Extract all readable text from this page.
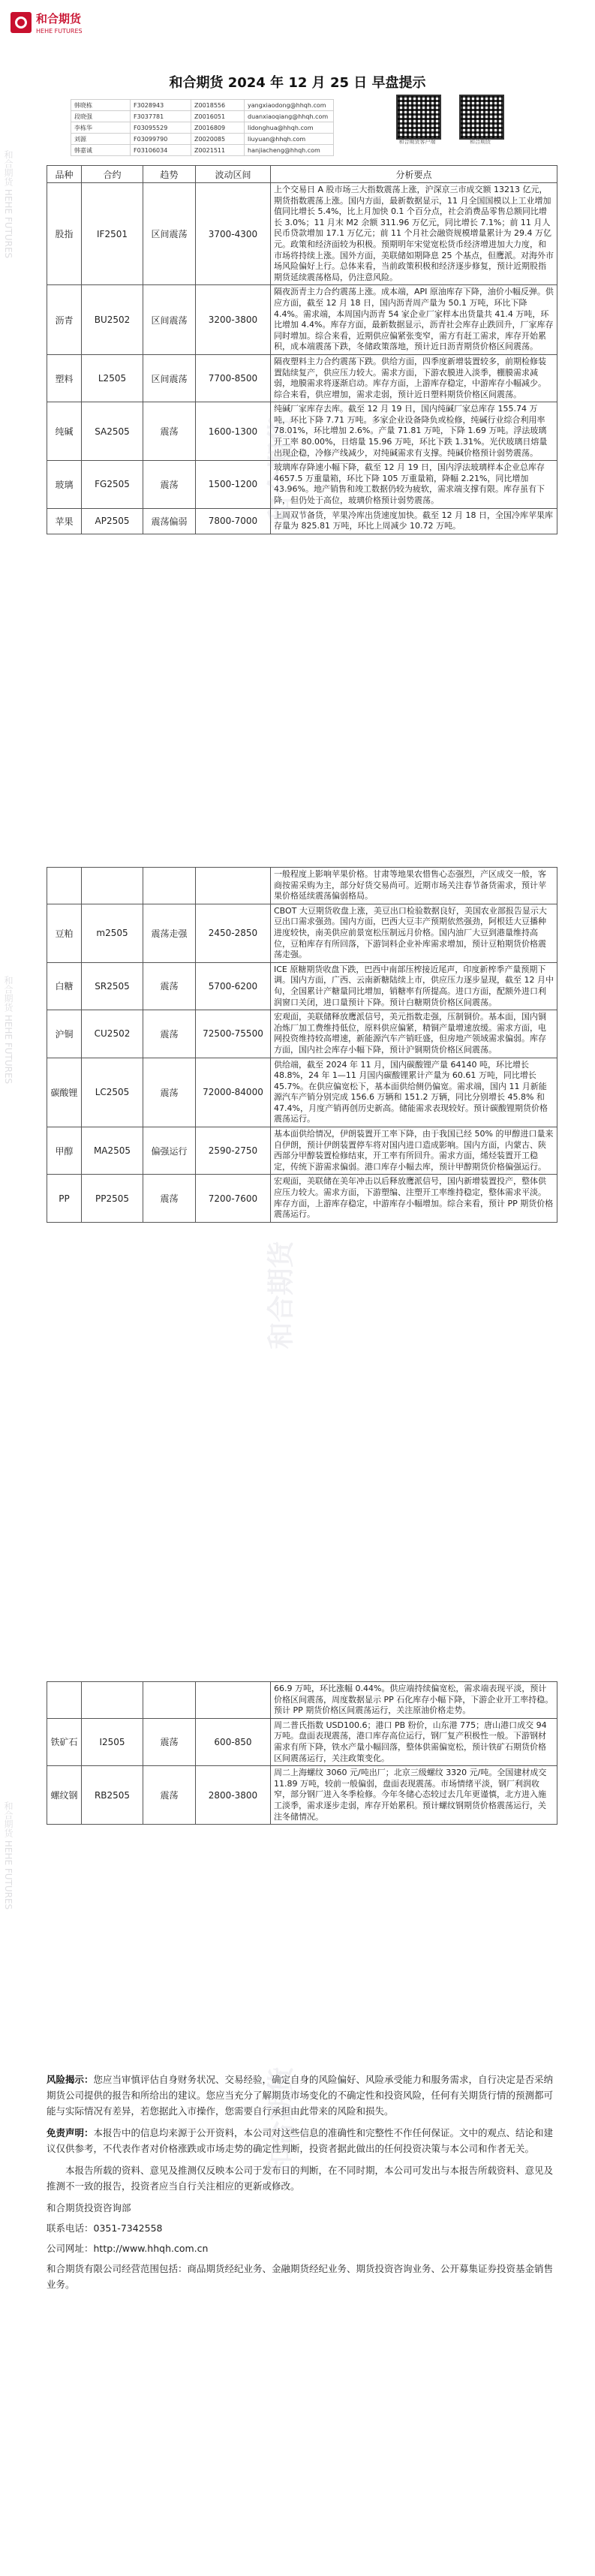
和合期货
HEHE FUTURES
和合期货 HEHE FUTURES
和合期货 HEHE FUTURES
和合期货 HEHE FUTURES
和合期货 2024 年 12 月 25 日 早盘提示
韩晓栋	F3028943	Z0018556	yangxiaodong@hhqh.com
段晓强	F3037781	Z0016051	duanxiaoqiang@hhqh.com
李栋华	F03095529	Z0016809	lidonghua@hhqh.com
刘源	F03099790	Z0020085	liuyuan@hhqh.com
韩嘉诚	F03106034	Z0021511	hanjiacheng@hhqh.com
和合期货客户端	和合期货
品种	合约	趋势	波动区间	分析要点
股指	IF2501	区间震荡	3700-4300	上个交易日 A 股市场三大指数震荡上涨，沪深京三市成交额 13213 亿元，期货指数震荡上涨。国内方面，最新数据显示，11 月全国国模以上工业增加值同比增长 5.4%，比上月加快 0.1 个百分点，社会消费品零售总额同比增长 3.0%；11 月末 M2 余额 311.96 万亿元，同比增长 7.1%；前 11 月人民币贷款增加 17.1 万亿元；前 11 个月社会融资规模增量累计为 29.4 万亿元。政策和经济面较为积极。预期明年宋觉宽松货币经济增进加大力度，和市场将持续上涨。国外方面，美联储如期降息 25 个基点，但鹰派。对海外市场风险偏好上行。总体来看，当前政策积极和经济逐步修复，预计近期股指期货延续震荡格局，仍注意风险。
沥青	BU2502	区间震荡	3200-3800	隔夜沥青主力合约震荡上涨。成本端，API 原油库存下降，油价小幅反弹。供应方面，截至 12 月 18 日，国内沥青周产量为 50.1 万吨，环比下降 4.4%。需求端，本周国内沥青 54 家企业厂家样本出货量共 41.4 万吨，环比增加 4.4%。库存方面，最新数据显示，沥青社会库存止跌回升，厂家库存同时增加。综合来看，近期供应偏紧张变窄，需方有赶工需求，库存开始累积，成本端震荡下跌，冬储政策落地，预计近日沥青期货价格区间震荡。
塑料	L2505	区间震荡	7700-8500	隔夜塑料主力合约震荡下跌。供给方面，四季度新增装置较多，前期检修装置陆续复产，供应压力较大。需求方面，下游农膜进入淡季，棚膜需求减弱，地膜需求将逐渐启动。库存方面，上游库存稳定，中游库存小幅减少。综合来看，供应增加，需求走弱，预计近日塑料期货价格区间震荡。
纯碱	SA2505	震荡	1600-1300	纯碱厂家库存去库。截至 12 月 19 日，国内纯碱厂家总库存 155.74 万吨，环比下降 7.71 万吨。多家企业设备降负或检修，纯碱行业综合利用率 78.01%，环比增加 2.6%。产量 71.81 万吨，下降 1.69 万吨。浮法玻璃开工率 80.00%，日熔量 15.96 万吨，环比下跌 1.31%。光伏玻璃日熔量出现企稳，冷修产线减少，对纯碱需求有支撑。纯碱价格预计弱势震荡。
玻璃	FG2505	震荡	1500-1200	玻璃库存降速小幅下降，截至 12 月 19 日，国内浮法玻璃样本企业总库存 4657.5 万重量箱，环比下降 105 万重量箱，降幅 2.21%，同比增加 43.96%。地产销售和竣工数据仍较为疲软，需求端支撑有限。库存虽有下降，但仍处于高位，玻璃价格预计弱势震荡。
苹果	AP2505	震荡偏弱	7800-7000	上周双节备货，苹果冷库出货速度加快。截至 12 月 18 日，全国冷库苹果库存量为 825.81 万吨，环比上周减少 10.72 万吨。
				一般程度上影响苹果价格。甘肃等地果农惜售心态强烈，产区成交一般，客商按需采购为主，部分好货交易尚可。近期市场关注春节备货需求，预计苹果价格延续震荡偏弱格局。
豆粕	m2505	震荡走强	2450-2850	CBOT 大豆期货收盘上涨，美豆出口检验数据良好，美国农业部报告显示大豆出口需求强劲。国内方面，巴西大豆丰产预期依然强劲，阿根廷大豆播种进度较快，南美供应前景宽松压制远月价格。国内油厂大豆到港量维持高位，豆粕库存有所回落，下游饲料企业补库需求增加，预计豆粕期货价格震荡走强。
白糖	SR2505	震荡	5700-6200	ICE 原糖期货收盘下跌，巴西中南部压榨接近尾声，印度新榨季产量预期下调。国内方面，广西、云南新糖陆续上市，供应压力逐步显现，截至 12 月中旬，全国累计产糖量同比增加，销糖率有所提高。进口方面，配额外进口利润窗口关闭，进口量预计下降。预计白糖期货价格区间震荡。
沪铜	CU2502	震荡	72500-75500	宏观面，美联储释放鹰派信号，美元指数走强，压制铜价。基本面，国内铜冶炼厂加工费维持低位，原料供应偏紧，精铜产量增速放缓。需求方面，电网投资维持较高增速，新能源汽车产销旺盛，但房地产领域需求偏弱。库存方面，国内社会库存小幅下降，预计沪铜期货价格区间震荡。
碳酸锂	LC2505	震荡	72000-84000	供给端，截至 2024 年 11 月，国内碳酸锂产量 64140 吨，环比增长 48.8%，24 年 1—11 月国内碳酸锂累计产量为 60.61 万吨，同比增长 45.7%。在供应偏宽松下，基本面供给侧仍偏宽。需求端，国内 11 月新能源汽车产销分别完成 156.6 万辆和 151.2 万辆，同比分别增长 45.8% 和 47.4%，月度产销再创历史新高。储能需求表现较好。预计碳酸锂期货价格震荡运行。
甲醇	MA2505	偏强运行	2590-2750	基本面供给情况，伊朗装置开工率下降，由于我国已经 50% 的甲醇进口量来自伊朗，预计伊朗装置停车将对国内进口造成影响。国内方面，内蒙古、陕西部分甲醇装置检修结束，开工率有所回升。需求方面，烯烃装置开工稳定，传统下游需求偏弱。港口库存小幅去库，预计甲醇期货价格偏强运行。
PP	PP2505	震荡	7200-7600	宏观面，美联储在美年冲击以后释放鹰派信号，国内新增装置投产，整体供应压力较大。需求方面，下游塑编、注塑开工率维持稳定，整体需求平淡。库存方面，上游库存稳定，中游库存小幅增加。综合来看，预计 PP 期货价格震荡运行。
				66.9 万吨，环比涨幅 0.44%。供应端持续偏宽松，需求端表现平淡，预计价格区间震荡，周度数据显示 PP 石化库存小幅下降，下游企业开工率持稳。预计 PP 期货价格区间震荡运行，关注原油价格走势。
铁矿石	I2505	震荡	600-850	周二普氏指数 USD100.6；港口 PB 粉价，山东港 775；唐山港口成交 94 万吨。盘面表现震荡，港口库存高位运行，钢厂复产积极性一般。下游钢材需求有所下降，铁水产量小幅回落，整体供需偏宽松，预计铁矿石期货价格区间震荡运行，关注政策变化。
螺纹钢	RB2505	震荡	2800-3800	周二上海螺纹 3060 元/吨出厂；北京三级螺纹 3320 元/吨。全国建材成交 11.89 万吨，较前一般偏弱，盘面表现震荡。市场情绪平淡，钢厂利润收窄，部分钢厂进入冬季检修。今年冬储心态较过去几年更谨慎，北方进入施工淡季，需求逐步走弱，库存开始累积。预计螺纹钢期货价格震荡运行，关注冬储情况。

风险揭示：您应当审慎评估自身财务状况、交易经验，确定自身的风险偏好、风险承受能力和服务需求，自行决定是否采纳期货公司提供的报告和所给出的建议。您应当充分了解期货市场变化的不确定性和投资风险，任何有关期货行情的预测都可能与实际情况有差异，若您据此入市操作，您需要自行承担由此带来的风险和损失。

免责声明：本报告中的信息均来源于公开资料，本公司对这些信息的准确性和完整性不作任何保证。文中的观点、结论和建议仅供参考，不代表作者对价格涨跌或市场走势的确定性判断，投资者据此做出的任何投资决策与本公司和作者无关。

本报告所载的资料、意见及推测仅反映本公司于发布日的判断，在不同时期，本公司可发出与本报告所载资料、意见及推测不一致的报告，投资者应当自行关注相应的更新或修改。

和合期货投资咨询部

联系电话：0351-7342558

公司网址：http://www.hhqh.com.cn

和合期货有限公司经营范围包括：商品期货经纪业务、金融期货经纪业务、期货投资咨询业务、公开募集证券投资基金销售业务。

和合期货
和合期货
和合期货
